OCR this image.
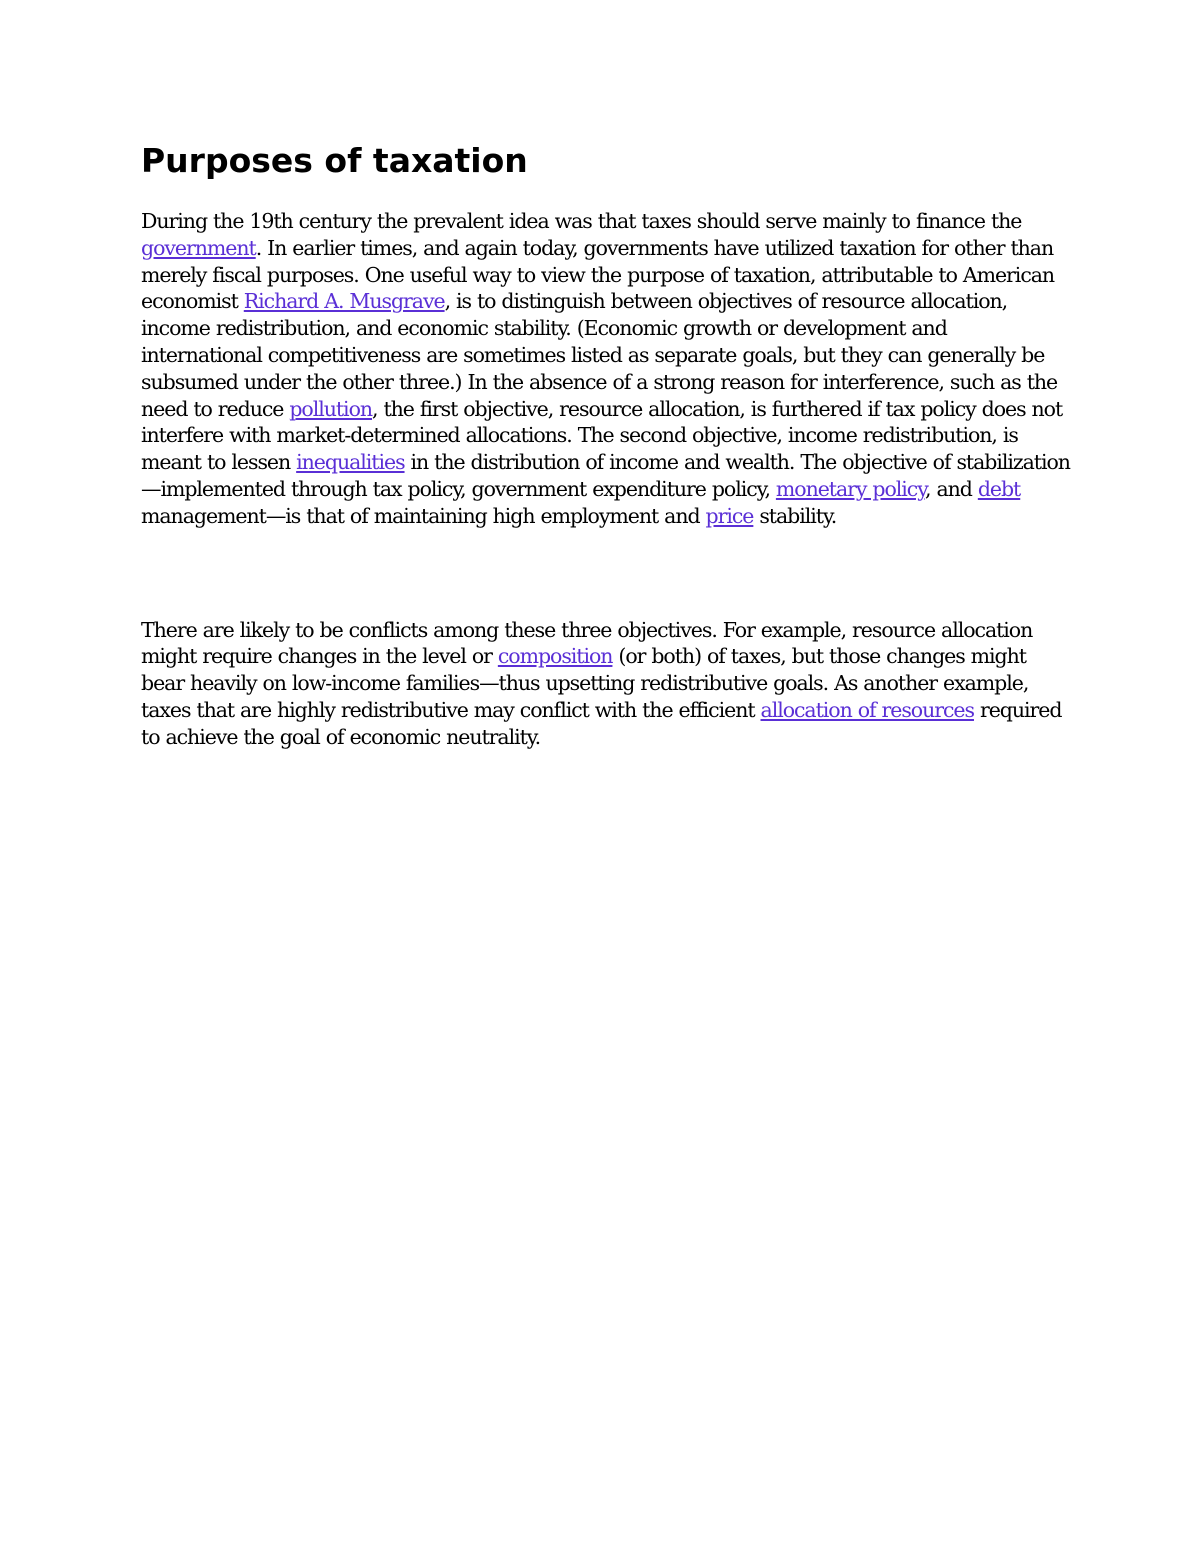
Purposes of taxation

During the 19th century the prevalent idea was that taxes should serve mainly to finance the government. In earlier times, and again today, governments have utilized taxation for other than merely fiscal purposes. One useful way to view the purpose of taxation, attributable to American economist Richard A. Musgrave, is to distinguish between objectives of resource allocation, income redistribution, and economic stability. (Economic growth or development and international competitiveness are sometimes listed as separate goals, but they can generally be subsumed under the other three.) In the absence of a strong reason for interference, such as the need to reduce pollution, the first objective, resource allocation, is furthered if tax policy does not interfere with market-determined allocations. The second objective, income redistribution, is meant to lessen inequalities in the distribution of income and wealth. The objective of stabilization—implemented through tax policy, government expenditure policy, monetary policy, and debt management—is that of maintaining high employment and price stability.

There are likely to be conflicts among these three objectives. For example, resource allocation might require changes in the level or composition (or both) of taxes, but those changes might bear heavily on low-income families—thus upsetting redistributive goals. As another example, taxes that are highly redistributive may conflict with the efficient allocation of resources required to achieve the goal of economic neutrality.
